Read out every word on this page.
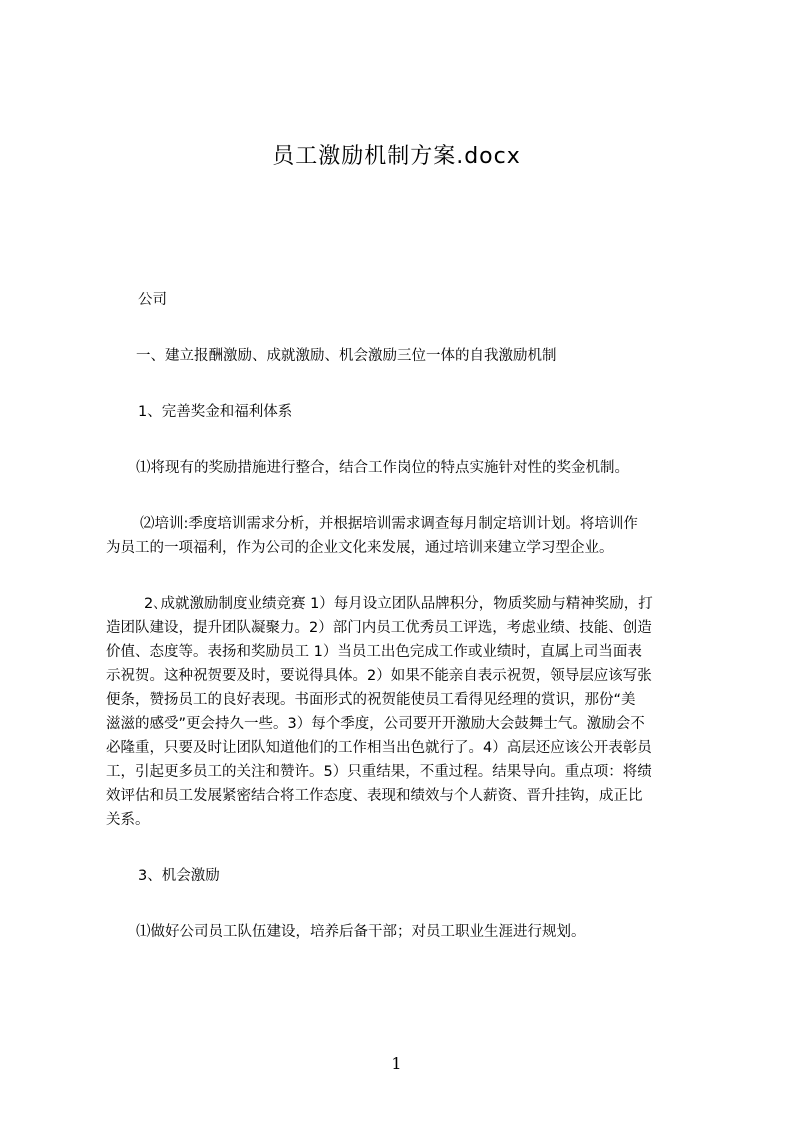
员工激励机制方案.docx
公司
一、建立报酬激励、成就激励、机会激励三位一体的自我激励机制
1、完善奖金和福利体系
⑴将现有的奖励措施进行整合，结合工作岗位的特点实施针对性的奖金机制。
⑵培训:季度培训需求分析，并根据培训需求调查每月制定培训计划。将培训作
为员工的一项福利，作为公司的企业文化来发展，通过培训来建立学习型企业。
2､成就激励制度业绩竞赛 1）每月设立团队品牌积分，物质奖励与精神奖励，打
造团队建设，提升团队凝聚力。2）部门内员工优秀员工评选，考虑业绩、技能、创造
价值、态度等。表扬和奖励员工 1）当员工出色完成工作或业绩时，直属上司当面表
示祝贺。这种祝贺要及时，要说得具体。2）如果不能亲自表示祝贺，领导层应该写张
便条，赞扬员工的良好表现。书面形式的祝贺能使员工看得见经理的赏识，那份“美
滋滋的感受”更会持久一些。3）每个季度，公司要开开激励大会鼓舞士气。激励会不
必隆重，只要及时让团队知道他们的工作相当出色就行了。4）高层还应该公开表彰员
工，引起更多员工的关注和赞许。5）只重结果，不重过程。结果导向。重点项：将绩
效评估和员工发展紧密结合将工作态度、表现和绩效与个人薪资、晋升挂钩，成正比
关系。
3、机会激励
⑴做好公司员工队伍建设，培养后备干部；对员工职业生涯进行规划。
1
